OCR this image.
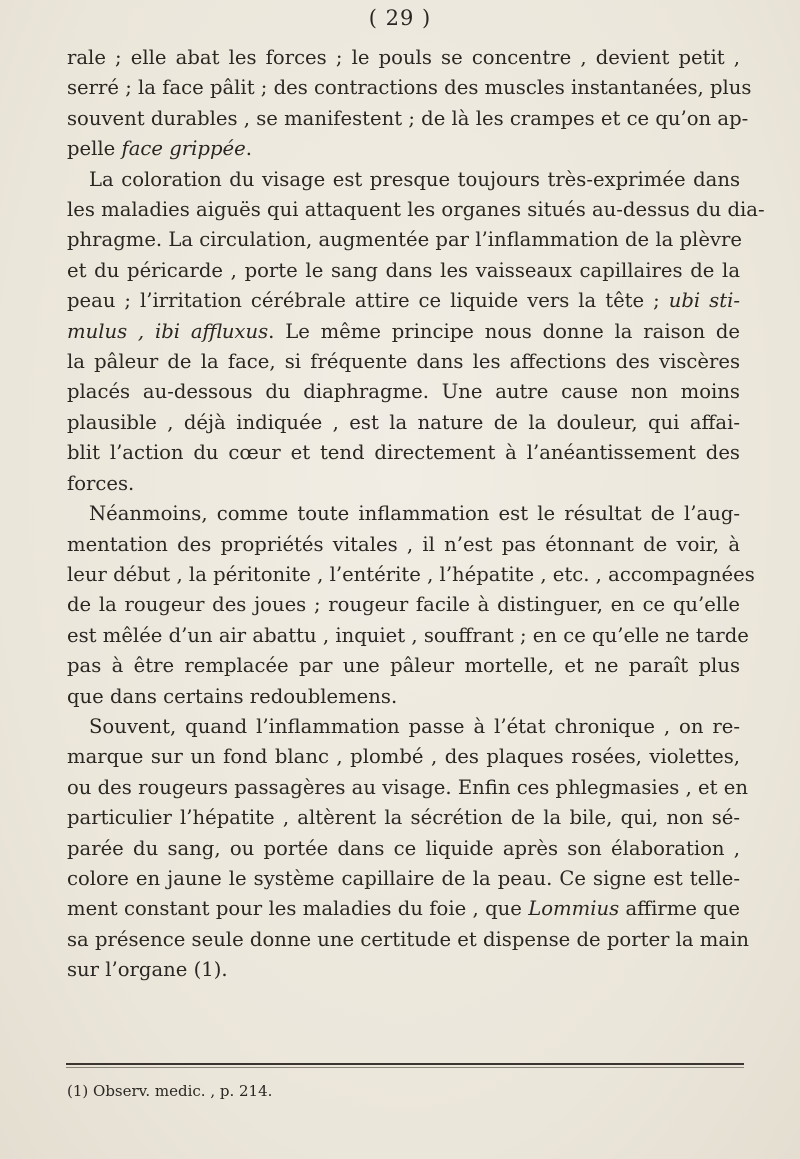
( 29 )
rale ; elle abat les forces ; le pouls se concentre , devient petit ,
serré ; la face pâlit ; des contractions des muscles instantanées, plus
souvent durables , se manifestent ; de là les crampes et ce qu’on ap-
pelle face grippée.
La coloration du visage est presque toujours très-exprimée dans
les maladies aiguës qui attaquent les organes situés au-dessus du dia-
phragme. La circulation, augmentée par l’inflammation de la plèvre
et du péricarde , porte le sang dans les vaisseaux capillaires de la
peau ; l’irritation cérébrale attire ce liquide vers la tête ; ubi sti-
mulus , ibi affluxus. Le même principe nous donne la raison de
la pâleur de la face, si fréquente dans les affections des viscères
placés au-dessous du diaphragme. Une autre cause non moins
plausible , déjà indiquée , est la nature de la douleur, qui affai-
blit l’action du cœur et tend directement à l’anéantissement des
forces.
Néanmoins, comme toute inflammation est le résultat de l’aug-
mentation des propriétés vitales , il n’est pas étonnant de voir, à
leur début , la péritonite , l’entérite , l’hépatite , etc. , accompagnées
de la rougeur des joues ; rougeur facile à distinguer, en ce qu’elle
est mêlée d’un air abattu , inquiet , souffrant ; en ce qu’elle ne tarde
pas à être remplacée par une pâleur mortelle, et ne paraît plus
que dans certains redoublemens.
Souvent, quand l’inflammation passe à l’état chronique , on re-
marque sur un fond blanc , plombé , des plaques rosées, violettes,
ou des rougeurs passagères au visage. Enfin ces phlegmasies , et en
particulier l’hépatite , altèrent la sécrétion de la bile, qui, non sé-
parée du sang, ou portée dans ce liquide après son élaboration ,
colore en jaune le système capillaire de la peau. Ce signe est telle-
ment constant pour les maladies du foie , que Lommius affirme que
sa présence seule donne une certitude et dispense de porter la main
sur l’organe (1).
(1) Observ. medic. , p. 214.
